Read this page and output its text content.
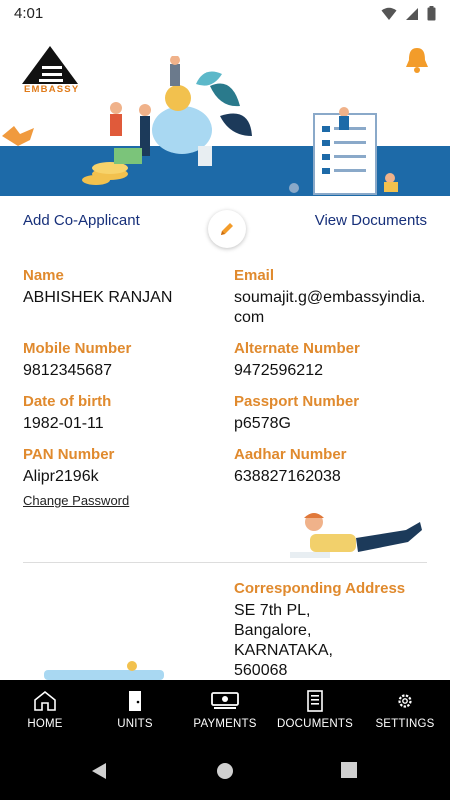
4:01
EMBASSY
Add Co-Applicant	View Documents
Name
ABHISHEK RANJAN
Email
soumajit.g@embassyindia.com
Mobile Number
9812345687
Alternate Number
9472596212
Date of birth
1982-01-11
Passport Number
p6578G
PAN Number
Alipr2196k
Aadhar Number
638827162038
Change Password
Corresponding Address
SE 7th PL,
Bangalore,
KARNATAKA,
560068
HOME	UNITS	PAYMENTS DOCUMENTS SETTINGS
